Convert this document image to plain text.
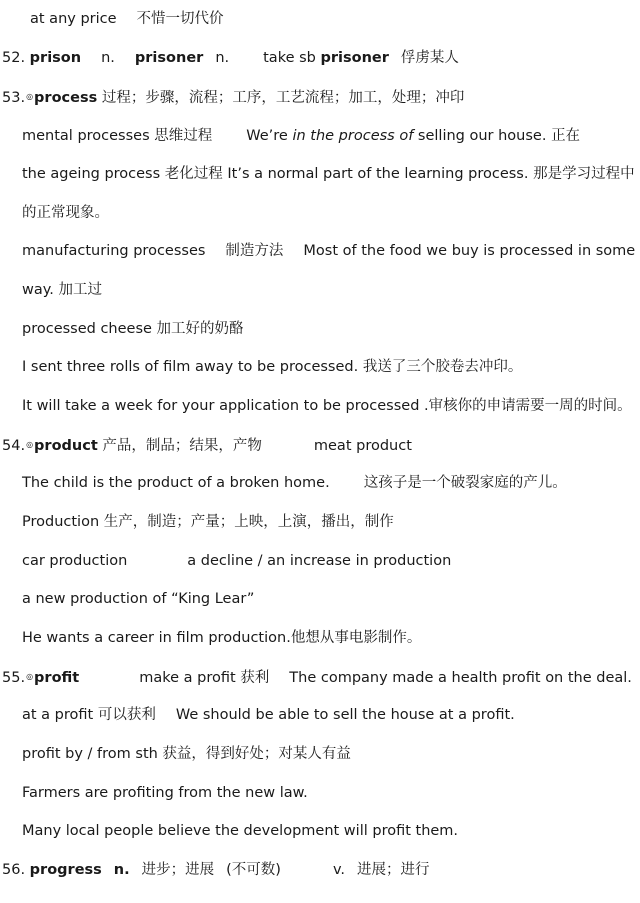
at any price 不惜一切代价
52. prison n. prisoner n. take sb prisoner 俘虏某人
53.◎process 过程；步骤，流程；工序，工艺流程；加工，处理；冲印
mental processes 思维过程 We’re in the process of selling our house. 正在
the ageing process 老化过程 It’s a normal part of the learning process. 那是学习过程中
的正常现象。
manufacturing processes 制造方法 Most of the food we buy is processed in some
way. 加工过
processed cheese 加工好的奶酪
I sent three rolls of film away to be processed. 我送了三个胶卷去冲印。
It will take a week for your application to be processed .审核你的申请需要一周的时间。
54.◎product 产品，制品；结果，产物	meat product
The child is the product of a broken home. 这孩子是一个破裂家庭的产儿。
Production 生产，制造；产量；上映，上演，播出，制作
car production	a decline / an increase in production
a new production of “King Lear”
He wants a career in film production.他想从事电影制作。
55.◎profit	make a profit 获利 The company made a health profit on the deal.
at a profit 可以获利 We should be able to sell the house at a profit.
profit by / from sth 获益，得到好处；对某人有益
Farmers are profiting from the new law.
Many local people believe the development will profit them.
56. progress n. 进步；进展 (不可数)	v. 进展；进行
